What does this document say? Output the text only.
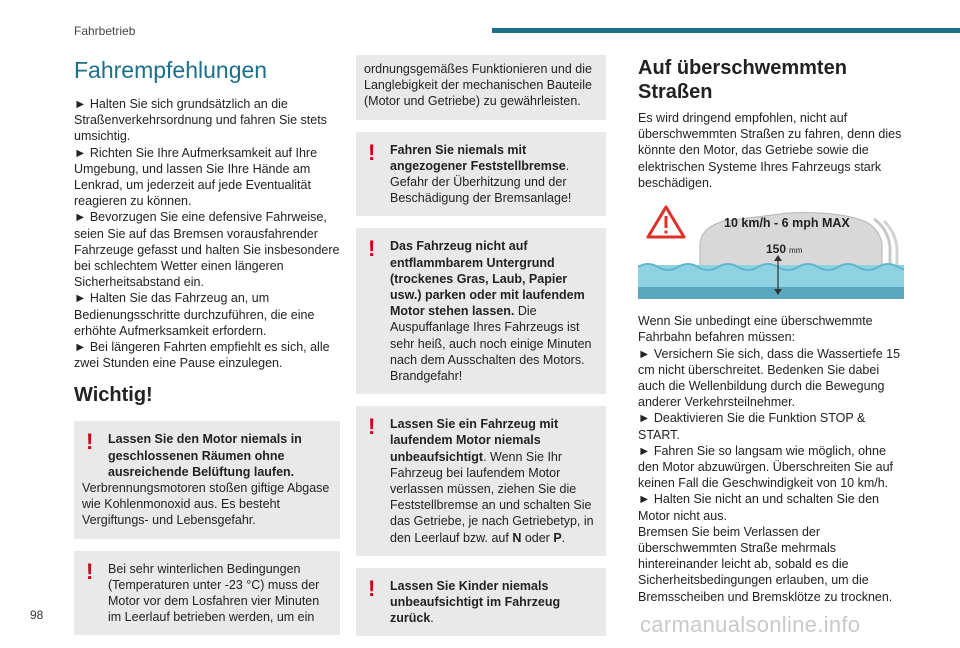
Fahrbetrieb
Fahrempfehlungen

► Halten Sie sich grundsätzlich an die Straßenverkehrsordnung und fahren Sie stets umsichtig.

► Richten Sie Ihre Aufmerksamkeit auf Ihre Umgebung, und lassen Sie Ihre Hände am Lenkrad, um jederzeit auf jede Eventualität reagieren zu können.

► Bevorzugen Sie eine defensive Fahrweise, seien Sie auf das Bremsen vorausfahrender Fahrzeuge gefasst und halten Sie insbesondere bei schlechtem Wetter einen längeren Sicherheitsabstand ein.

► Halten Sie das Fahrzeug an, um Bedienungsschritte durchzuführen, die eine erhöhte Aufmerksamkeit erfordern.

► Bei längeren Fahrten empfiehlt es sich, alle zwei Stunden eine Pause einzulegen.

Wichtig!
!	Lassen Sie den Motor niemals in geschlossenen Räumen ohne ausreichende Belüftung laufen.
Verbrennungsmotoren stoßen giftige Abgase wie Kohlenmonoxid aus. Es besteht Vergiftungs- und Lebensgefahr.
!	Bei sehr winterlichen Bedingungen (Temperaturen unter -23 °C) muss der Motor vor dem Losfahren vier Minuten im Leerlauf betrieben werden, um ein
ordnungsgemäßes Funktionieren und die Langlebigkeit der mechanischen Bauteile (Motor und Getriebe) zu gewährleisten.
!	Fahren Sie niemals mit angezogener Feststellbremse. Gefahr der Überhitzung und der Beschädigung der Bremsanlage!
!	Das Fahrzeug nicht auf entflammbarem Untergrund (trockenes Gras, Laub, Papier usw.) parken oder mit laufendem Motor stehen lassen. Die Auspuffanlage Ihres Fahrzeugs ist sehr heiß, auch noch einige Minuten nach dem Ausschalten des Motors. Brandgefahr!
!	Lassen Sie ein Fahrzeug mit laufendem Motor niemals unbeaufsichtigt. Wenn Sie Ihr Fahrzeug bei laufendem Motor verlassen müssen, ziehen Sie die Feststellbremse an und schalten Sie das Getriebe, je nach Getriebetyp, in den Leerlauf bzw. auf N oder P.
!	Lassen Sie Kinder niemals unbeaufsichtigt im Fahrzeug zurück.
Auf überschwemmten Straßen

Es wird dringend empfohlen, nicht auf überschwemmten Straßen zu fahren, denn dies könnte den Motor, das Getriebe sowie die elektrischen Systeme Ihres Fahrzeugs stark beschädigen.

10 km/h - 6 mph MAX
150 mm

Wenn Sie unbedingt eine überschwemmte Fahrbahn befahren müssen:

► Versichern Sie sich, dass die Wassertiefe 15 cm nicht überschreitet. Bedenken Sie dabei auch die Wellenbildung durch die Bewegung anderer Verkehrsteilnehmer.

► Deaktivieren Sie die Funktion STOP & START.

► Fahren Sie so langsam wie möglich, ohne den Motor abzuwürgen. Überschreiten Sie auf keinen Fall die Geschwindigkeit von 10 km/h.

► Halten Sie nicht an und schalten Sie den Motor nicht aus.

Bremsen Sie beim Verlassen der überschwemmten Straße mehrmals hintereinander leicht ab, sobald es die Sicherheitsbedingungen erlauben, um die Bremsscheiben und Bremsklötze zu trocknen.

98	carmanualsonline.info
